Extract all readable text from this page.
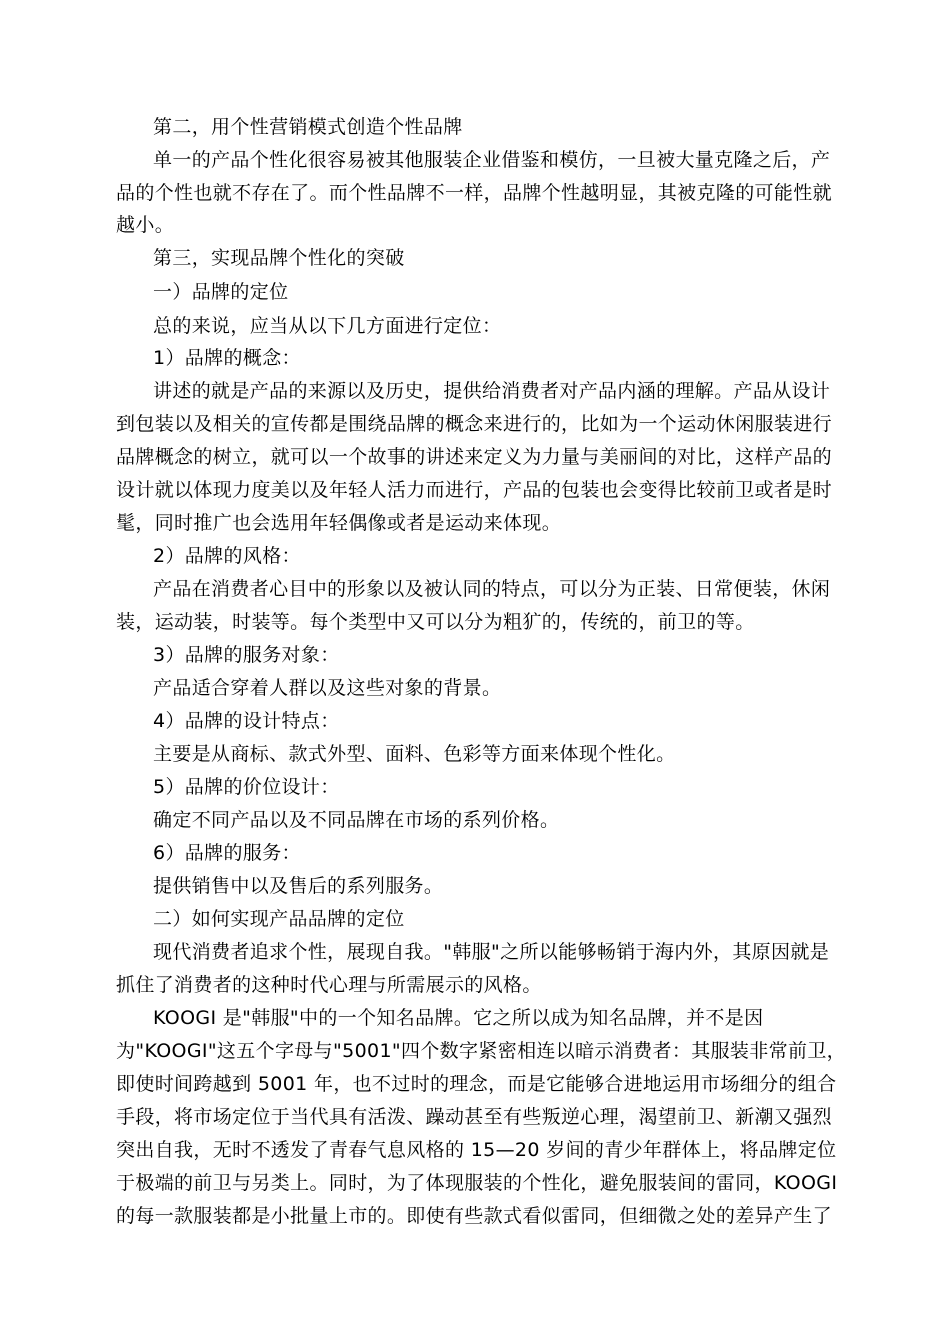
第二，用个性营销模式创造个性品牌
单一的产品个性化很容易被其他服装企业借鉴和模仿，一旦被大量克隆之后，产
品的个性也就不存在了。而个性品牌不一样，品牌个性越明显，其被克隆的可能性就
越小。
第三，实现品牌个性化的突破
一）品牌的定位
总的来说，应当从以下几方面进行定位：
1）品牌的概念：
讲述的就是产品的来源以及历史，提供给消费者对产品内涵的理解。产品从设计
到包装以及相关的宣传都是围绕品牌的概念来进行的，比如为一个运动休闲服装进行
品牌概念的树立，就可以一个故事的讲述来定义为力量与美丽间的对比，这样产品的
设计就以体现力度美以及年轻人活力而进行，产品的包装也会变得比较前卫或者是时
髦，同时推广也会选用年轻偶像或者是运动来体现。
2）品牌的风格：
产品在消费者心目中的形象以及被认同的特点，可以分为正装、日常便装，休闲
装，运动装，时装等。每个类型中又可以分为粗犷的，传统的，前卫的等。
3）品牌的服务对象：
产品适合穿着人群以及这些对象的背景。
4）品牌的设计特点：
主要是从商标、款式外型、面料、色彩等方面来体现个性化。
5）品牌的价位设计：
确定不同产品以及不同品牌在市场的系列价格。
6）品牌的服务：
提供销售中以及售后的系列服务。
二）如何实现产品品牌的定位
现代消费者追求个性，展现自我。"韩服"之所以能够畅销于海内外，其原因就是
抓住了消费者的这种时代心理与所需展示的风格。
KOOGI 是"韩服"中的一个知名品牌。它之所以成为知名品牌，并不是因
为"KOOGI"这五个字母与"5001"四个数字紧密相连以暗示消费者：其服装非常前卫，
即使时间跨越到 5001 年，也不过时的理念，而是它能够合进地运用市场细分的组合
手段，将市场定位于当代具有活泼、躁动甚至有些叛逆心理，渴望前卫、新潮又强烈
突出自我，无时不透发了青春气息风格的 15—20 岁间的青少年群体上，将品牌定位
于极端的前卫与另类上。同时，为了体现服装的个性化，避免服装间的雷同，KOOGI
的每一款服装都是小批量上市的。即使有些款式看似雷同，但细微之处的差异产生了
